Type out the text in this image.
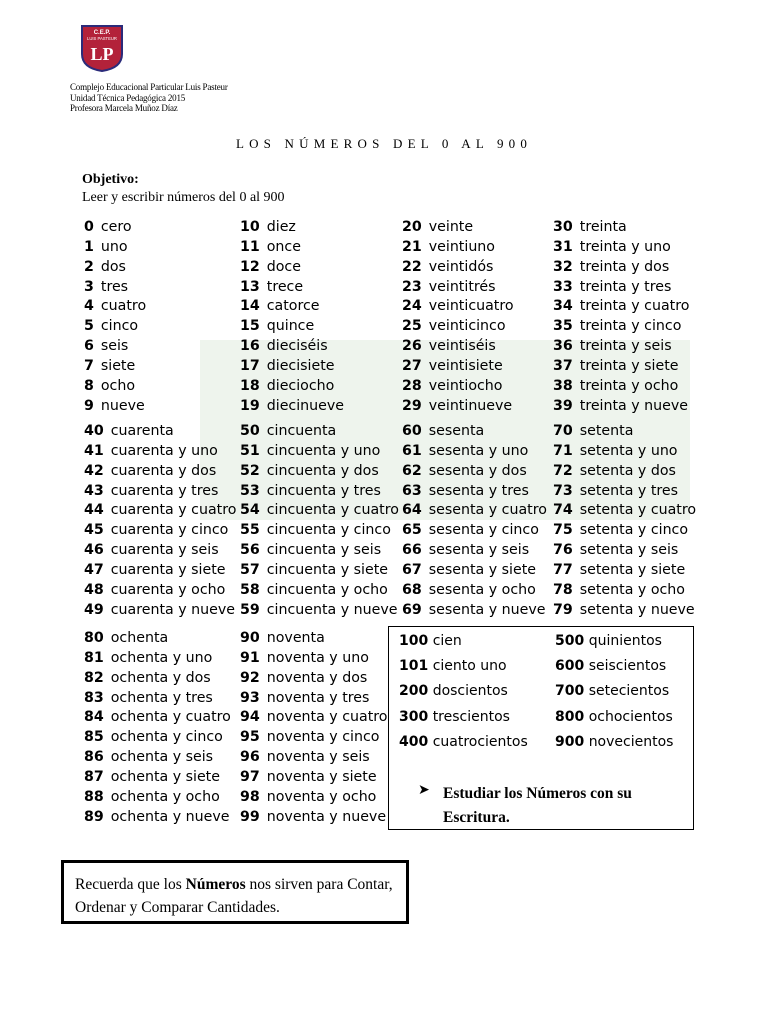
C.E.P.
LUIS PASTEUR
LP
Complejo Educacional Particular Luis Pasteur
Unidad Técnica Pedagógica 2015
Profesora Marcela Muñoz Díaz
LOS NÚMEROS DEL 0 AL 900
Objetivo:
Leer y escribir números del 0 al 900
0 cero
1 uno
2 dos
3 tres
4 cuatro
5 cinco
6 seis
7 siete
8 ocho
9 nueve
10 diez
11 once
12 doce
13 trece
14 catorce
15 quince
16 dieciséis
17 diecisiete
18 dieciocho
19 diecinueve
20 veinte
21 veintiuno
22 veintidós
23 veintitrés
24 veinticuatro
25 veinticinco
26 veintiséis
27 veintisiete
28 veintiocho
29 veintinueve
30 treinta
31 treinta y uno
32 treinta y dos
33 treinta y tres
34 treinta y cuatro
35 treinta y cinco
36 treinta y seis
37 treinta y siete
38 treinta y ocho
39 treinta y nueve
40 cuarenta
41 cuarenta y uno
42 cuarenta y dos
43 cuarenta y tres
44 cuarenta y cuatro
45 cuarenta y cinco
46 cuarenta y seis
47 cuarenta y siete
48 cuarenta y ocho
49 cuarenta y nueve
50 cincuenta
51 cincuenta y uno
52 cincuenta y dos
53 cincuenta y tres
54 cincuenta y cuatro
55 cincuenta y cinco
56 cincuenta y seis
57 cincuenta y siete
58 cincuenta y ocho
59 cincuenta y nueve
60 sesenta
61 sesenta y uno
62 sesenta y dos
63 sesenta y tres
64 sesenta y cuatro
65 sesenta y cinco
66 sesenta y seis
67 sesenta y siete
68 sesenta y ocho
69 sesenta y nueve
70 setenta
71 setenta y uno
72 setenta y dos
73 setenta y tres
74 setenta y cuatro
75 setenta y cinco
76 setenta y seis
77 setenta y siete
78 setenta y ocho
79 setenta y nueve
80 ochenta
81 ochenta y uno
82 ochenta y dos
83 ochenta y tres
84 ochenta y cuatro
85 ochenta y cinco
86 ochenta y seis
87 ochenta y siete
88 ochenta y ocho
89 ochenta y nueve
90 noventa
91 noventa y uno
92 noventa y dos
93 noventa y tres
94 noventa y cuatro
95 noventa y cinco
96 noventa y seis
97 noventa y siete
98 noventa y ocho
99 noventa y nueve
100 cien
101 ciento uno
200 doscientos
300 trescientos
400 cuatrocientos
500 quinientos
600 seiscientos
700 setecientos
800 ochocientos
900 novecientos
➤ Estudiar los Números con su Escritura.
Recuerda que los Números nos sirven para Contar, Ordenar y Comparar Cantidades.
